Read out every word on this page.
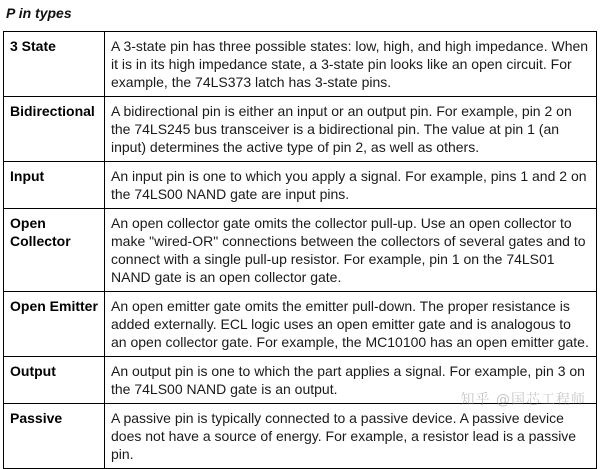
P in types
3 State	A 3-state pin has three possible states: low, high, and high impedance. When it is in its high impedance state, a 3-state pin looks like an open circuit. For example, the 74LS373 latch has 3-state pins.
Bidirectional	A bidirectional pin is either an input or an output pin. For example, pin 2 on the 74LS245 bus transceiver is a bidirectional pin. The value at pin 1 (an input) determines the active type of pin 2, as well as others.
Input	An input pin is one to which you apply a signal. For example, pins 1 and 2 on the 74LS00 NAND gate are input pins.
Open Collector	An open collector gate omits the collector pull-up. Use an open collector to make "wired-OR" connections between the collectors of several gates and to connect with a single pull-up resistor. For example, pin 1 on the 74LS01 NAND gate is an open collector gate.
Open Emitter	An open emitter gate omits the emitter pull-down. The proper resistance is added externally. ECL logic uses an open emitter gate and is analogous to an open collector gate. For example, the MC10100 has an open emitter gate.
Output	An output pin is one to which the part applies a signal. For example, pin 3 on the 74LS00 NAND gate is an output.
Passive	A passive pin is typically connected to a passive device. A passive device does not have a source of energy. For example, a resistor lead is a passive pin.
知乎 @国芯工程师
